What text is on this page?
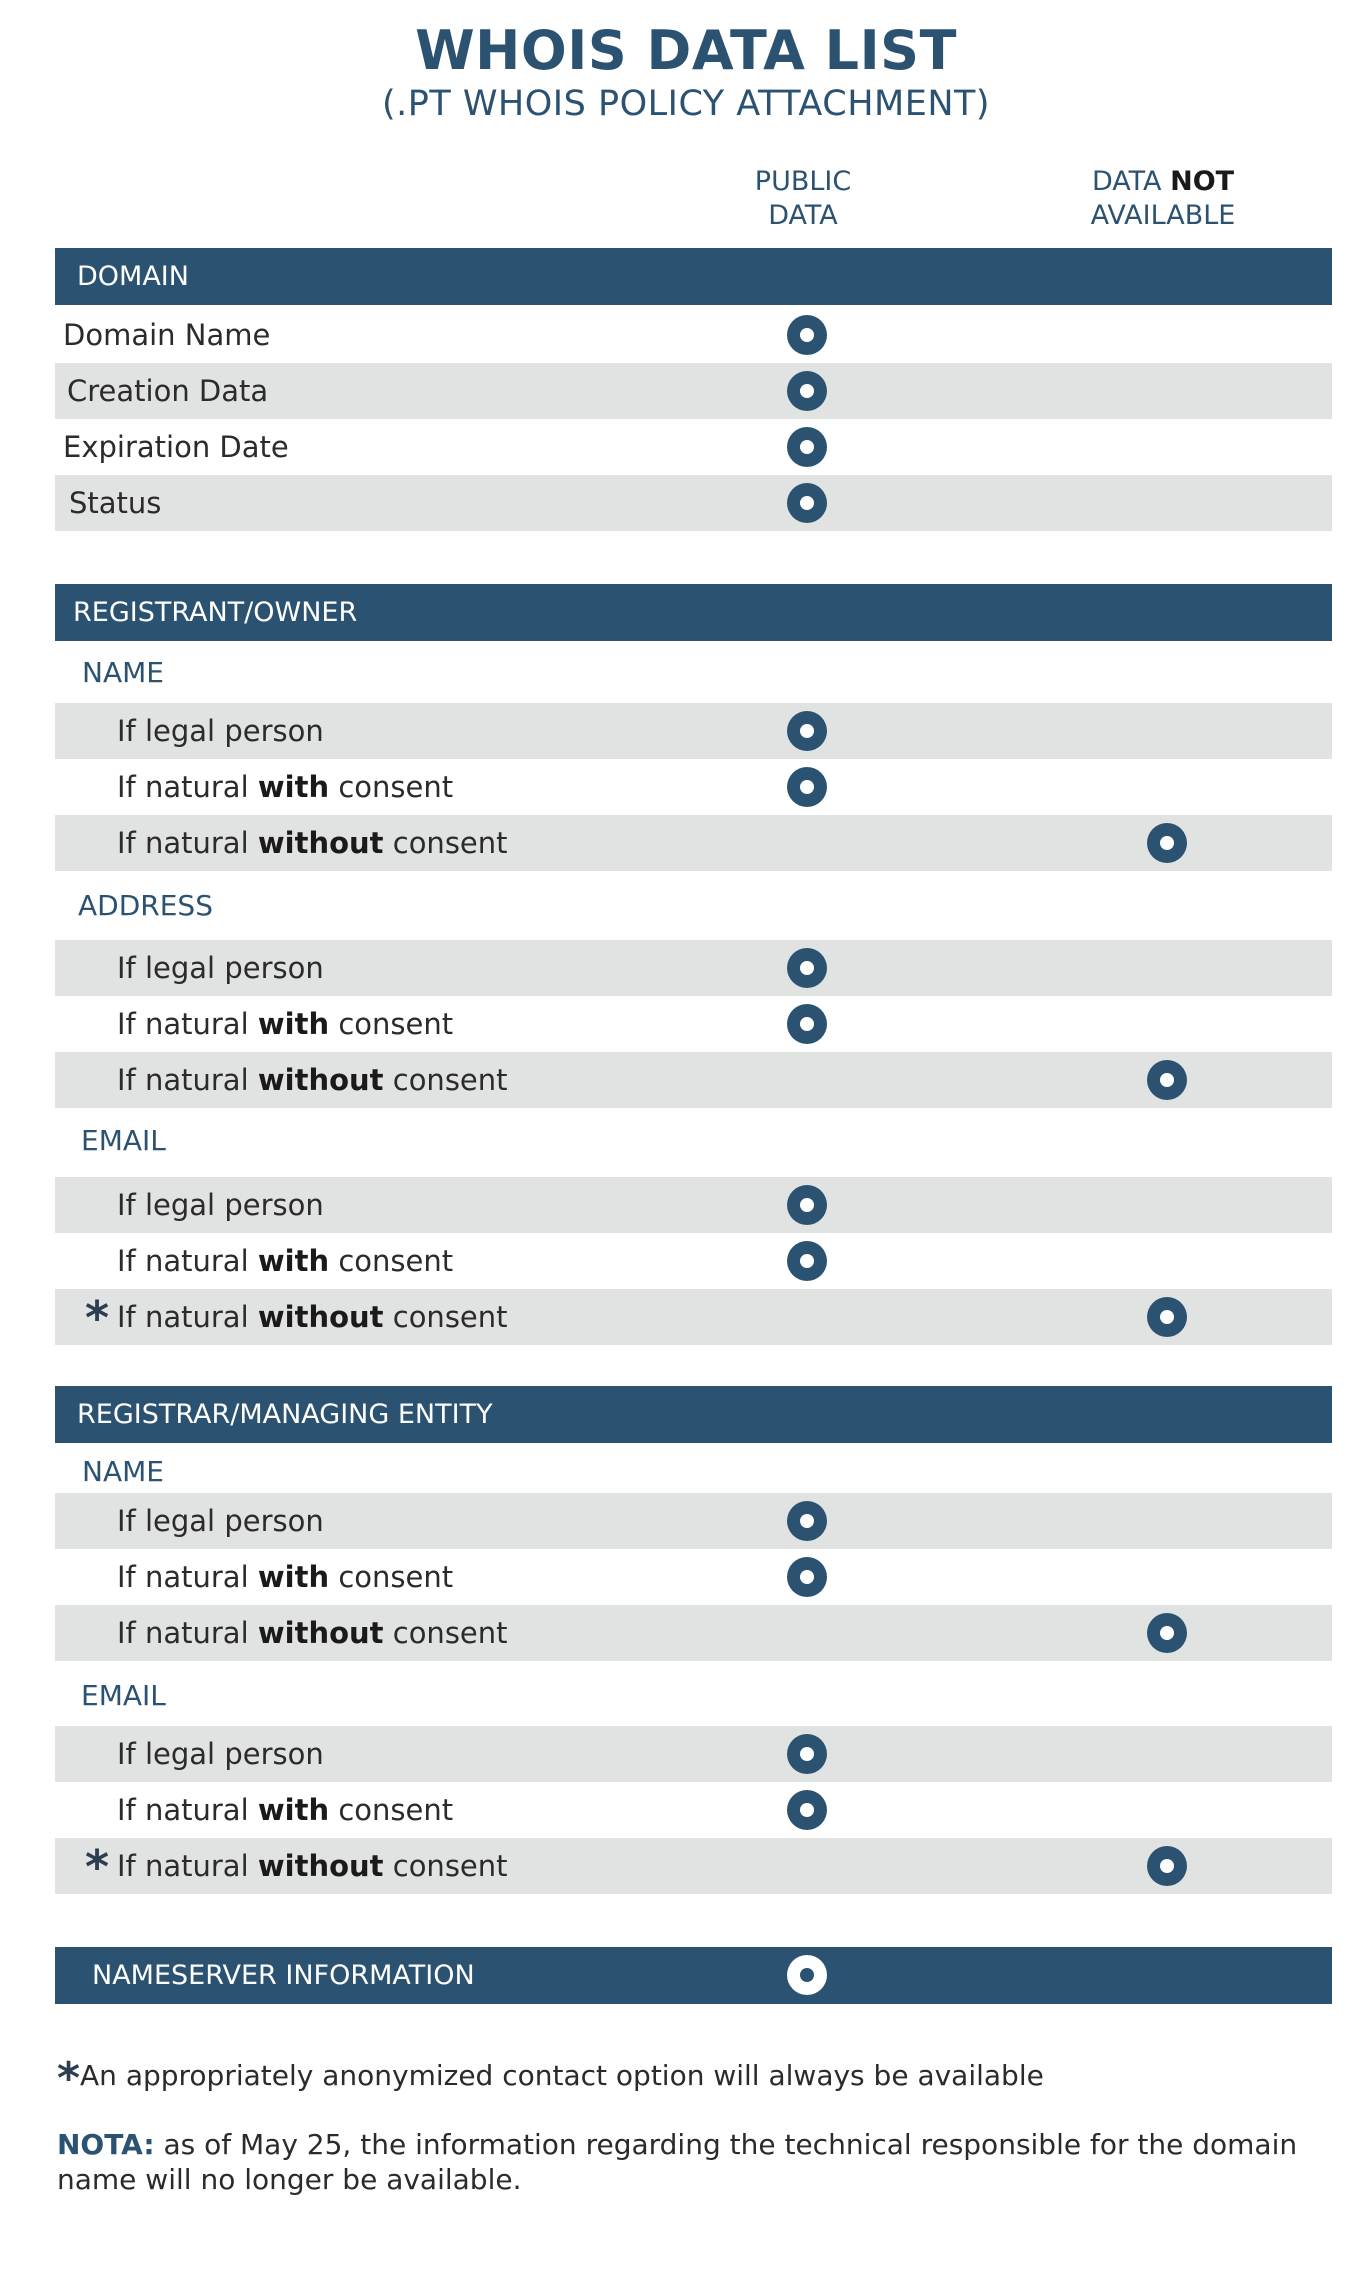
WHOIS DATA LIST
(.PT WHOIS POLICY ATTACHMENT)
PUBLIC
DATA
DATA NOT
AVAILABLE
DOMAIN
Domain Name
Creation Data
Expiration Date
Status
REGISTRANT/OWNER
NAME
If legal person
If natural with consent
If natural without consent
ADDRESS
If legal person
If natural with consent
If natural without consent
EMAIL
If legal person
If natural with consent
* If natural without consent
REGISTRAR/MANAGING ENTITY
NAME
If legal person
If natural with consent
If natural without consent
EMAIL
If legal person
If natural with consent
* If natural without consent
NAMESERVER INFORMATION
*An appropriately anonymized contact option will always be available
NOTA: as of May 25, the information regarding the technical responsible for the domain name will no longer be available.
